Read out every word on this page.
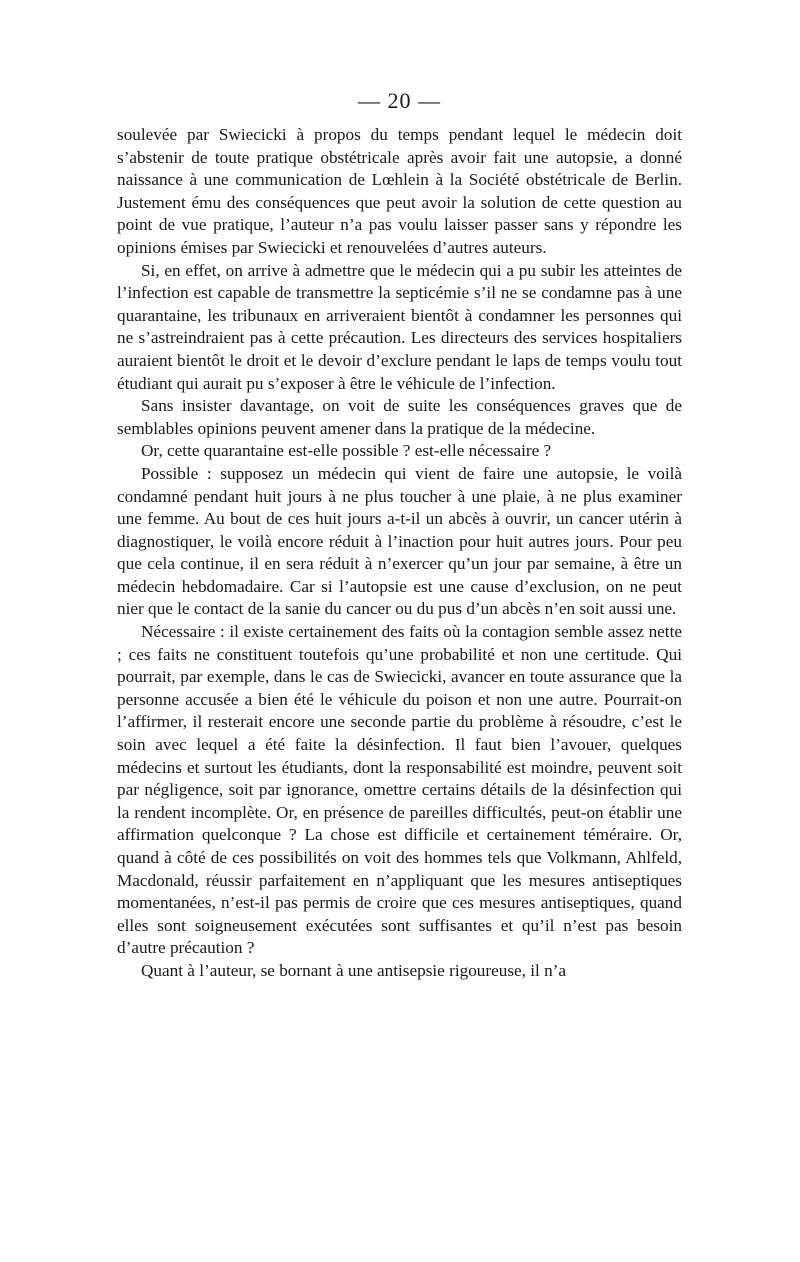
— 20 —

soulevée par Swiecicki à propos du temps pendant lequel le médecin doit s’abstenir de toute pratique obstétricale après avoir fait une autopsie, a donné naissance à une communication de Lœhlein à la Société obstétricale de Berlin. Justement ému des conséquences que peut avoir la solution de cette question au point de vue pratique, l’auteur n’a pas voulu laisser passer sans y répondre les opinions émises par Swiecicki et renouvelées d’autres auteurs.

Si, en effet, on arrive à admettre que le médecin qui a pu subir les atteintes de l’infection est capable de transmettre la septicémie s’il ne se condamne pas à une quarantaine, les tribunaux en arriveraient bientôt à condamner les personnes qui ne s’astreindraient pas à cette précaution. Les directeurs des services hospitaliers auraient bientôt le droit et le devoir d’exclure pendant le laps de temps voulu tout étudiant qui aurait pu s’exposer à être le véhicule de l’infection.

Sans insister davantage, on voit de suite les conséquences graves que de semblables opinions peuvent amener dans la pratique de la médecine.

Or, cette quarantaine est-elle possible ? est-elle nécessaire ?

Possible : supposez un médecin qui vient de faire une autopsie, le voilà condamné pendant huit jours à ne plus toucher à une plaie, à ne plus examiner une femme. Au bout de ces huit jours a-t-il un abcès à ouvrir, un cancer utérin à diagnostiquer, le voilà encore réduit à l’inaction pour huit autres jours. Pour peu que cela continue, il en sera réduit à n’exercer qu’un jour par semaine, à être un médecin hebdomadaire. Car si l’autopsie est une cause d’exclusion, on ne peut nier que le contact de la sanie du cancer ou du pus d’un abcès n’en soit aussi une.

Nécessaire : il existe certainement des faits où la contagion semble assez nette ; ces faits ne constituent toutefois qu’une probabilité et non une certitude. Qui pourrait, par exemple, dans le cas de Swiecicki, avancer en toute assurance que la personne accusée a bien été le véhicule du poison et non une autre. Pourrait-on l’affirmer, il resterait encore une seconde partie du problème à résoudre, c’est le soin avec lequel a été faite la désinfection. Il faut bien l’avouer, quelques médecins et surtout les étudiants, dont la responsabilité est moindre, peuvent soit par négligence, soit par ignorance, omettre certains détails de la désinfection qui la rendent incomplète. Or, en présence de pareilles difficultés, peut-on établir une affirmation quelconque ? La chose est difficile et certainement téméraire. Or, quand à côté de ces possibilités on voit des hommes tels que Volkmann, Ahlfeld, Macdonald, réussir parfaitement en n’appliquant que les mesures antiseptiques momentanées, n’est-il pas permis de croire que ces mesures antiseptiques, quand elles sont soigneusement exécutées sont suffisantes et qu’il n’est pas besoin d’autre précaution ?

Quant à l’auteur, se bornant à une antisepsie rigoureuse, il n’a
